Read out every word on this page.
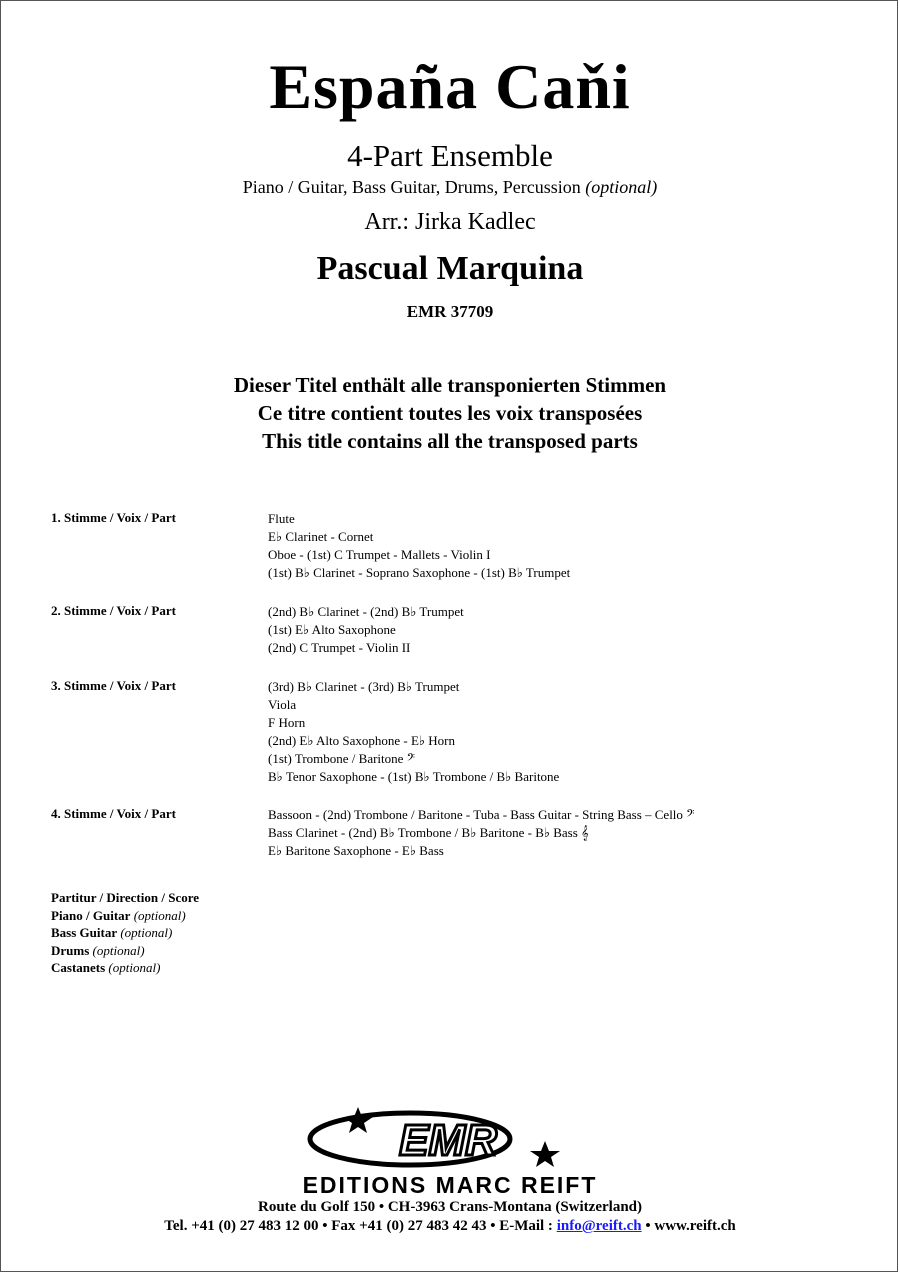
España Caňi
4-Part Ensemble
Piano / Guitar, Bass Guitar, Drums, Percussion (optional)
Arr.: Jirka Kadlec
Pascual Marquina
EMR 37709
Dieser Titel enthält alle transponierten Stimmen
Ce titre contient toutes les voix transposées
This title contains all the transposed parts
1. Stimme / Voix / Part	Flute
E♭ Clarinet - Cornet
Oboe - (1st) C Trumpet - Mallets - Violin I
(1st) B♭ Clarinet - Soprano Saxophone - (1st) B♭ Trumpet
2. Stimme / Voix / Part	(2nd) B♭ Clarinet - (2nd) B♭ Trumpet
(1st) E♭ Alto Saxophone
(2nd) C Trumpet - Violin II
3. Stimme / Voix / Part	(3rd) B♭ Clarinet - (3rd) B♭ Trumpet
Viola
F Horn
(2nd) E♭ Alto Saxophone - E♭ Horn
(1st) Trombone / Baritone 𝄢
B♭ Tenor Saxophone - (1st) B♭ Trombone / B♭ Baritone
4. Stimme / Voix / Part	Bassoon - (2nd) Trombone / Baritone - Tuba - Bass Guitar - String Bass – Cello 𝄢
Bass Clarinet - (2nd) B♭ Trombone / B♭ Baritone - B♭ Bass 𝄞
E♭ Baritone Saxophone - E♭ Bass
Partitur / Direction / Score
Piano / Guitar (optional)
Bass Guitar (optional)
Drums (optional)
Castanets (optional)
EMR
EDITIONS MARC REIFT
Route du Golf 150 • CH-3963 Crans-Montana (Switzerland)
Tel. +41 (0) 27 483 12 00 • Fax +41 (0) 27 483 42 43 • E-Mail : info@reift.ch • www.reift.ch
